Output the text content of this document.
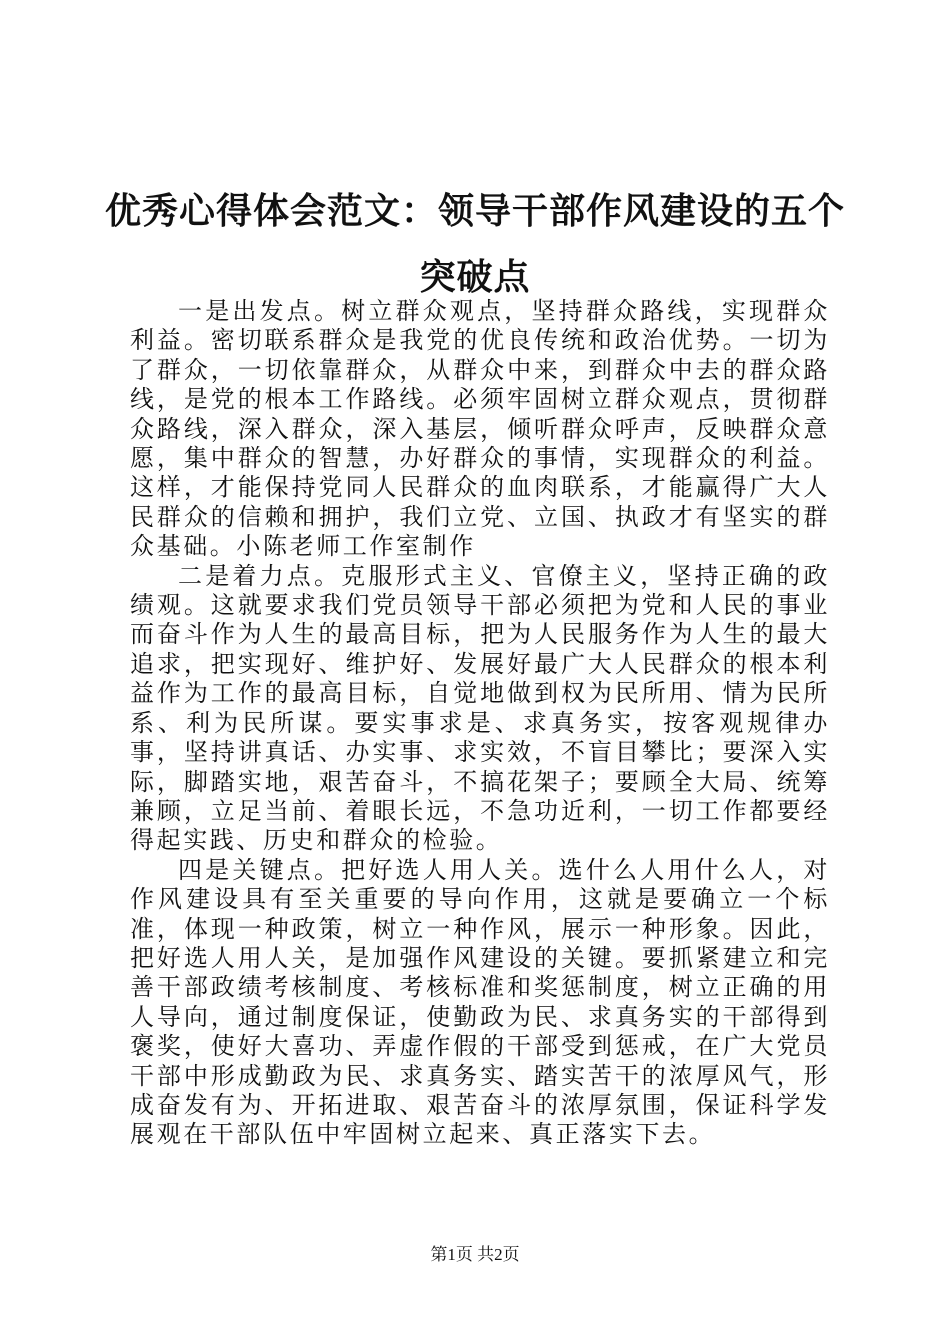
优秀心得体会范文：领导干部作风建设的五个突破点

一是出发点。树立群众观点，坚持群众路线，实现群众利益。密切联系群众是我党的优良传统和政治优势。一切为了群众，一切依靠群众，从群众中来，到群众中去的群众路线，是党的根本工作路线。必须牢固树立群众观点，贯彻群众路线，深入群众，深入基层，倾听群众呼声，反映群众意愿，集中群众的智慧，办好群众的事情，实现群众的利益。这样，才能保持党同人民群众的血肉联系，才能赢得广大人民群众的信赖和拥护，我们立党、立国、执政才有坚实的群众基础。小陈老师工作室制作

二是着力点。克服形式主义、官僚主义，坚持正确的政绩观。这就要求我们党员领导干部必须把为党和人民的事业而奋斗作为人生的最高目标，把为人民服务作为人生的最大追求，把实现好、维护好、发展好最广大人民群众的根本利益作为工作的最高目标，自觉地做到权为民所用、情为民所系、利为民所谋。要实事求是、求真务实，按客观规律办事，坚持讲真话、办实事、求实效，不盲目攀比；要深入实际，脚踏实地，艰苦奋斗，不搞花架子；要顾全大局、统筹兼顾，立足当前、着眼长远，不急功近利，一切工作都要经得起实践、历史和群众的检验。

四是关键点。把好选人用人关。选什么人用什么人，对作风建设具有至关重要的导向作用，这就是要确立一个标准，体现一种政策，树立一种作风，展示一种形象。因此，把好选人用人关，是加强作风建设的关键。要抓紧建立和完善干部政绩考核制度、考核标准和奖惩制度，树立正确的用人导向，通过制度保证，使勤政为民、求真务实的干部得到褒奖，使好大喜功、弄虚作假的干部受到惩戒，在广大党员干部中形成勤政为民、求真务实、踏实苦干的浓厚风气，形成奋发有为、开拓进取、艰苦奋斗的浓厚氛围，保证科学发展观在干部队伍中牢固树立起来、真正落实下去。

第1页 共2页
